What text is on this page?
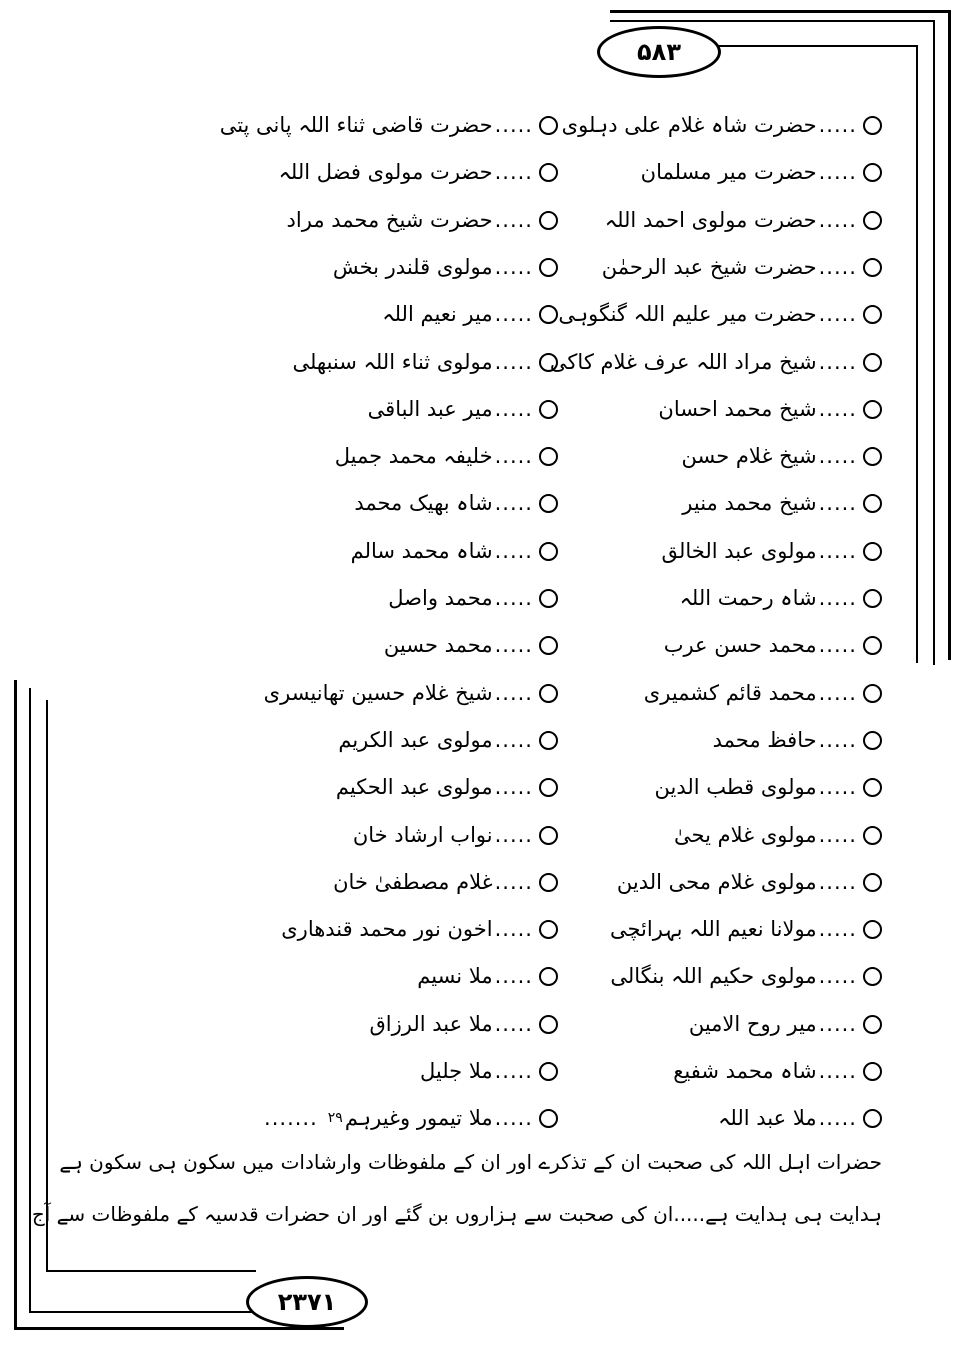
۵۸۳
۲۳۷۱
.....
حضرت شاہ غلام علی دہلوی
.....
حضرت میر مسلمان
.....
حضرت مولوی احمد اللہ
.....
حضرت شیخ عبد الرحمٰن
.....
حضرت میر علیم اللہ گنگوہی
.....
شیخ مراد اللہ عرف غلام کاکی
.....
شیخ محمد احسان
.....
شیخ غلام حسن
.....
شیخ محمد منیر
.....
مولوی عبد الخالق
.....
شاہ رحمت اللہ
.....
محمد حسن عرب
.....
محمد قائم کشمیری
.....
حافظ محمد
.....
مولوی قطب الدین
.....
مولوی غلام یحیٰ
.....
مولوی غلام محی الدین
.....
مولانا نعیم اللہ بہرائچی
.....
مولوی حکیم اللہ بنگالی
.....
میر روح الامین
.....
شاہ محمد شفیع
.....
ملا عبد اللہ
.....
حضرت قاضی ثناء اللہ پانی پتی
.....
حضرت مولوی فضل اللہ
.....
حضرت شیخ محمد مراد
.....
مولوی قلندر بخش
.....
میر نعیم اللہ
.....
مولوی ثناء اللہ سنبھلی
.....
میر عبد الباقی
.....
خلیفہ محمد جمیل
.....
شاہ بھیک محمد
.....
شاہ محمد سالم
.....
محمد واصل
.....
محمد حسین
.....
شیخ غلام حسین تھانیسری
.....
مولوی عبد الکریم
.....
مولوی عبد الحکیم
.....
نواب ارشاد خان
.....
غلام مصطفیٰ خان
.....
اخون نور محمد قندھاری
.....
ملا نسیم
.....
ملا عبد الرزاق
.....
ملا جلیل
.....
ملا تیمور وغیرہم
۲۹
.......
حضرات اہل اللہ کی صحبت ان کے تذکرے اور ان کے ملفوظات وارشادات میں سکون ہی سکون ہے
ہدایت ہی ہدایت ہے.....ان کی صحبت سے ہزاروں بن گئے اور ان حضرات قدسیہ کے ملفوظات سے آج
